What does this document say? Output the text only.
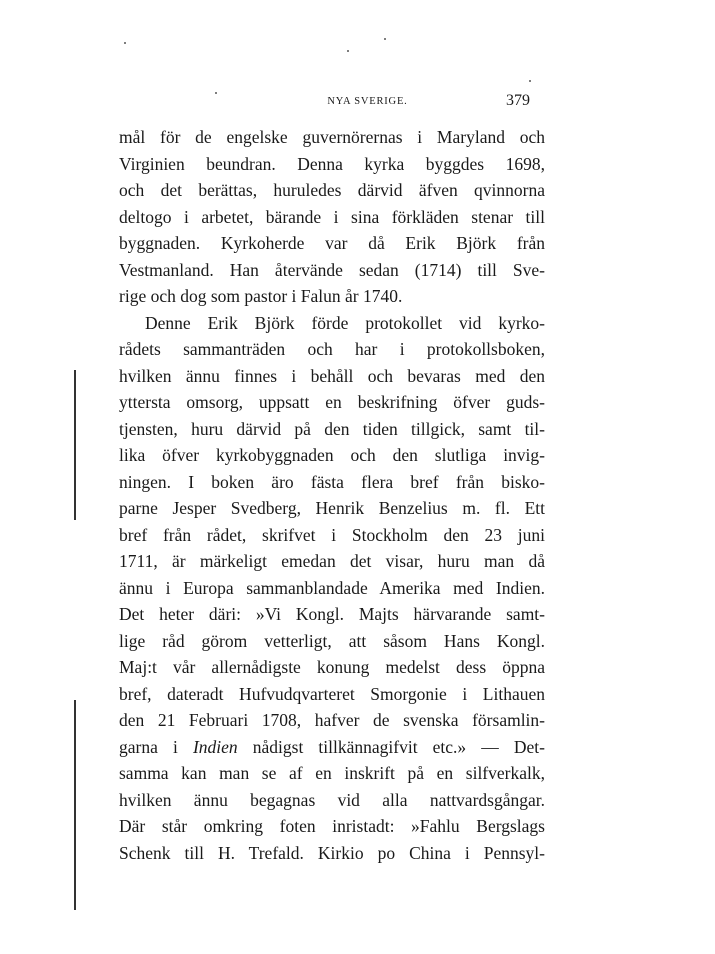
NYA SVERIGE.	379
mål för de engelske guvernörernas i Maryland och
Virginien beundran. Denna kyrka byggdes 1698,
och det berättas, huruledes därvid äfven qvinnorna
deltogo i arbetet, bärande i sina förkläden stenar till
byggnaden. Kyrkoherde var då Erik Björk från
Vestmanland. Han återvände sedan (1714) till Sve-
rige och dog som pastor i Falun år 1740.
Denne Erik Björk förde protokollet vid kyrko-
rådets sammanträden och har i protokollsboken,
hvilken ännu finnes i behåll och bevaras med den
yttersta omsorg, uppsatt en beskrifning öfver guds-
tjensten, huru därvid på den tiden tillgick, samt til-
lika öfver kyrkobyggnaden och den slutliga invig-
ningen. I boken äro fästa flera bref från bisko-
parne Jesper Svedberg, Henrik Benzelius m. fl. Ett
bref från rådet, skrifvet i Stockholm den 23 juni
1711, är märkeligt emedan det visar, huru man då
ännu i Europa sammanblandade Amerika med Indien.
Det heter däri: »Vi Kongl. Majts härvarande samt-
lige råd görom vetterligt, att såsom Hans Kongl.
Maj:t vår allernådigste konung medelst dess öppna
bref, dateradt Hufvudqvarteret Smorgonie i Lithauen
den 21 Februari 1708, hafver de svenska församlin-
garna i Indien nådigst tillkännagifvit etc.» — Det-
samma kan man se af en inskrift på en silfverkalk,
hvilken ännu begagnas vid alla nattvardsgångar.
Där står omkring foten inristadt: »Fahlu Bergslags
Schenk till H. Trefald. Kirkio po China i Pennsyl-
